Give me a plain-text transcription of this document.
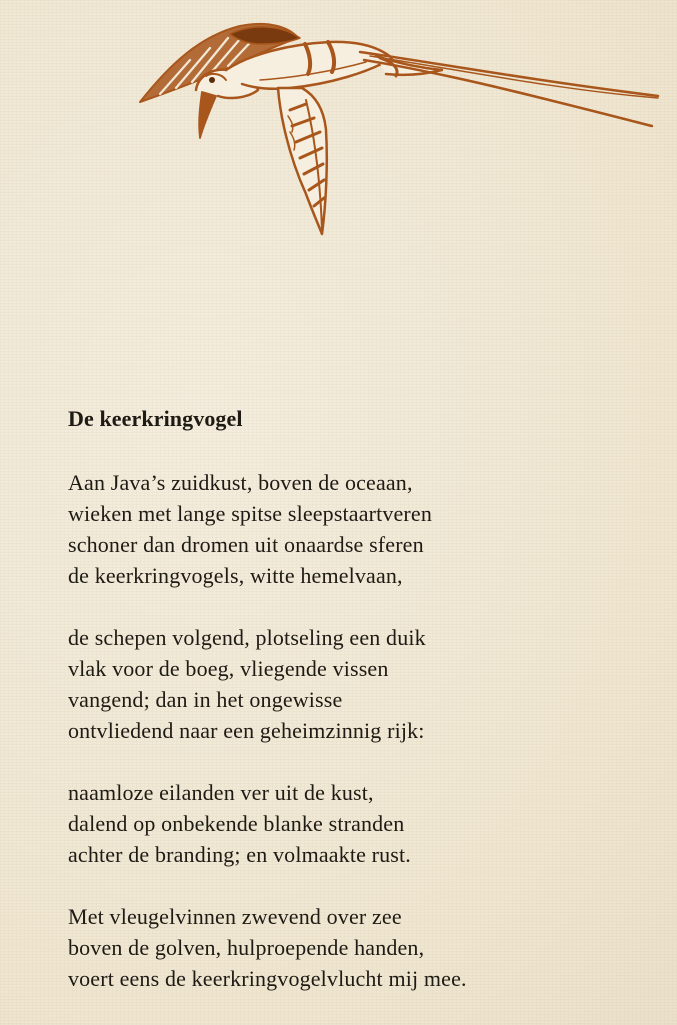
De keerkringvogel
Aan Java’s zuidkust, boven de oceaan,
wieken met lange spitse sleepstaartveren
schoner dan dromen uit onaardse sferen
de keerkringvogels, witte hemelvaan,
de schepen volgend, plotseling een duik
vlak voor de boeg, vliegende vissen
vangend; dan in het ongewisse
ontvliedend naar een geheimzinnig rijk:
naamloze eilanden ver uit de kust,
dalend op onbekende blanke stranden
achter de branding; en volmaakte rust.
Met vleugelvinnen zwevend over zee
boven de golven, hulproepende handen,
voert eens de keerkringvogelvlucht mij mee.
